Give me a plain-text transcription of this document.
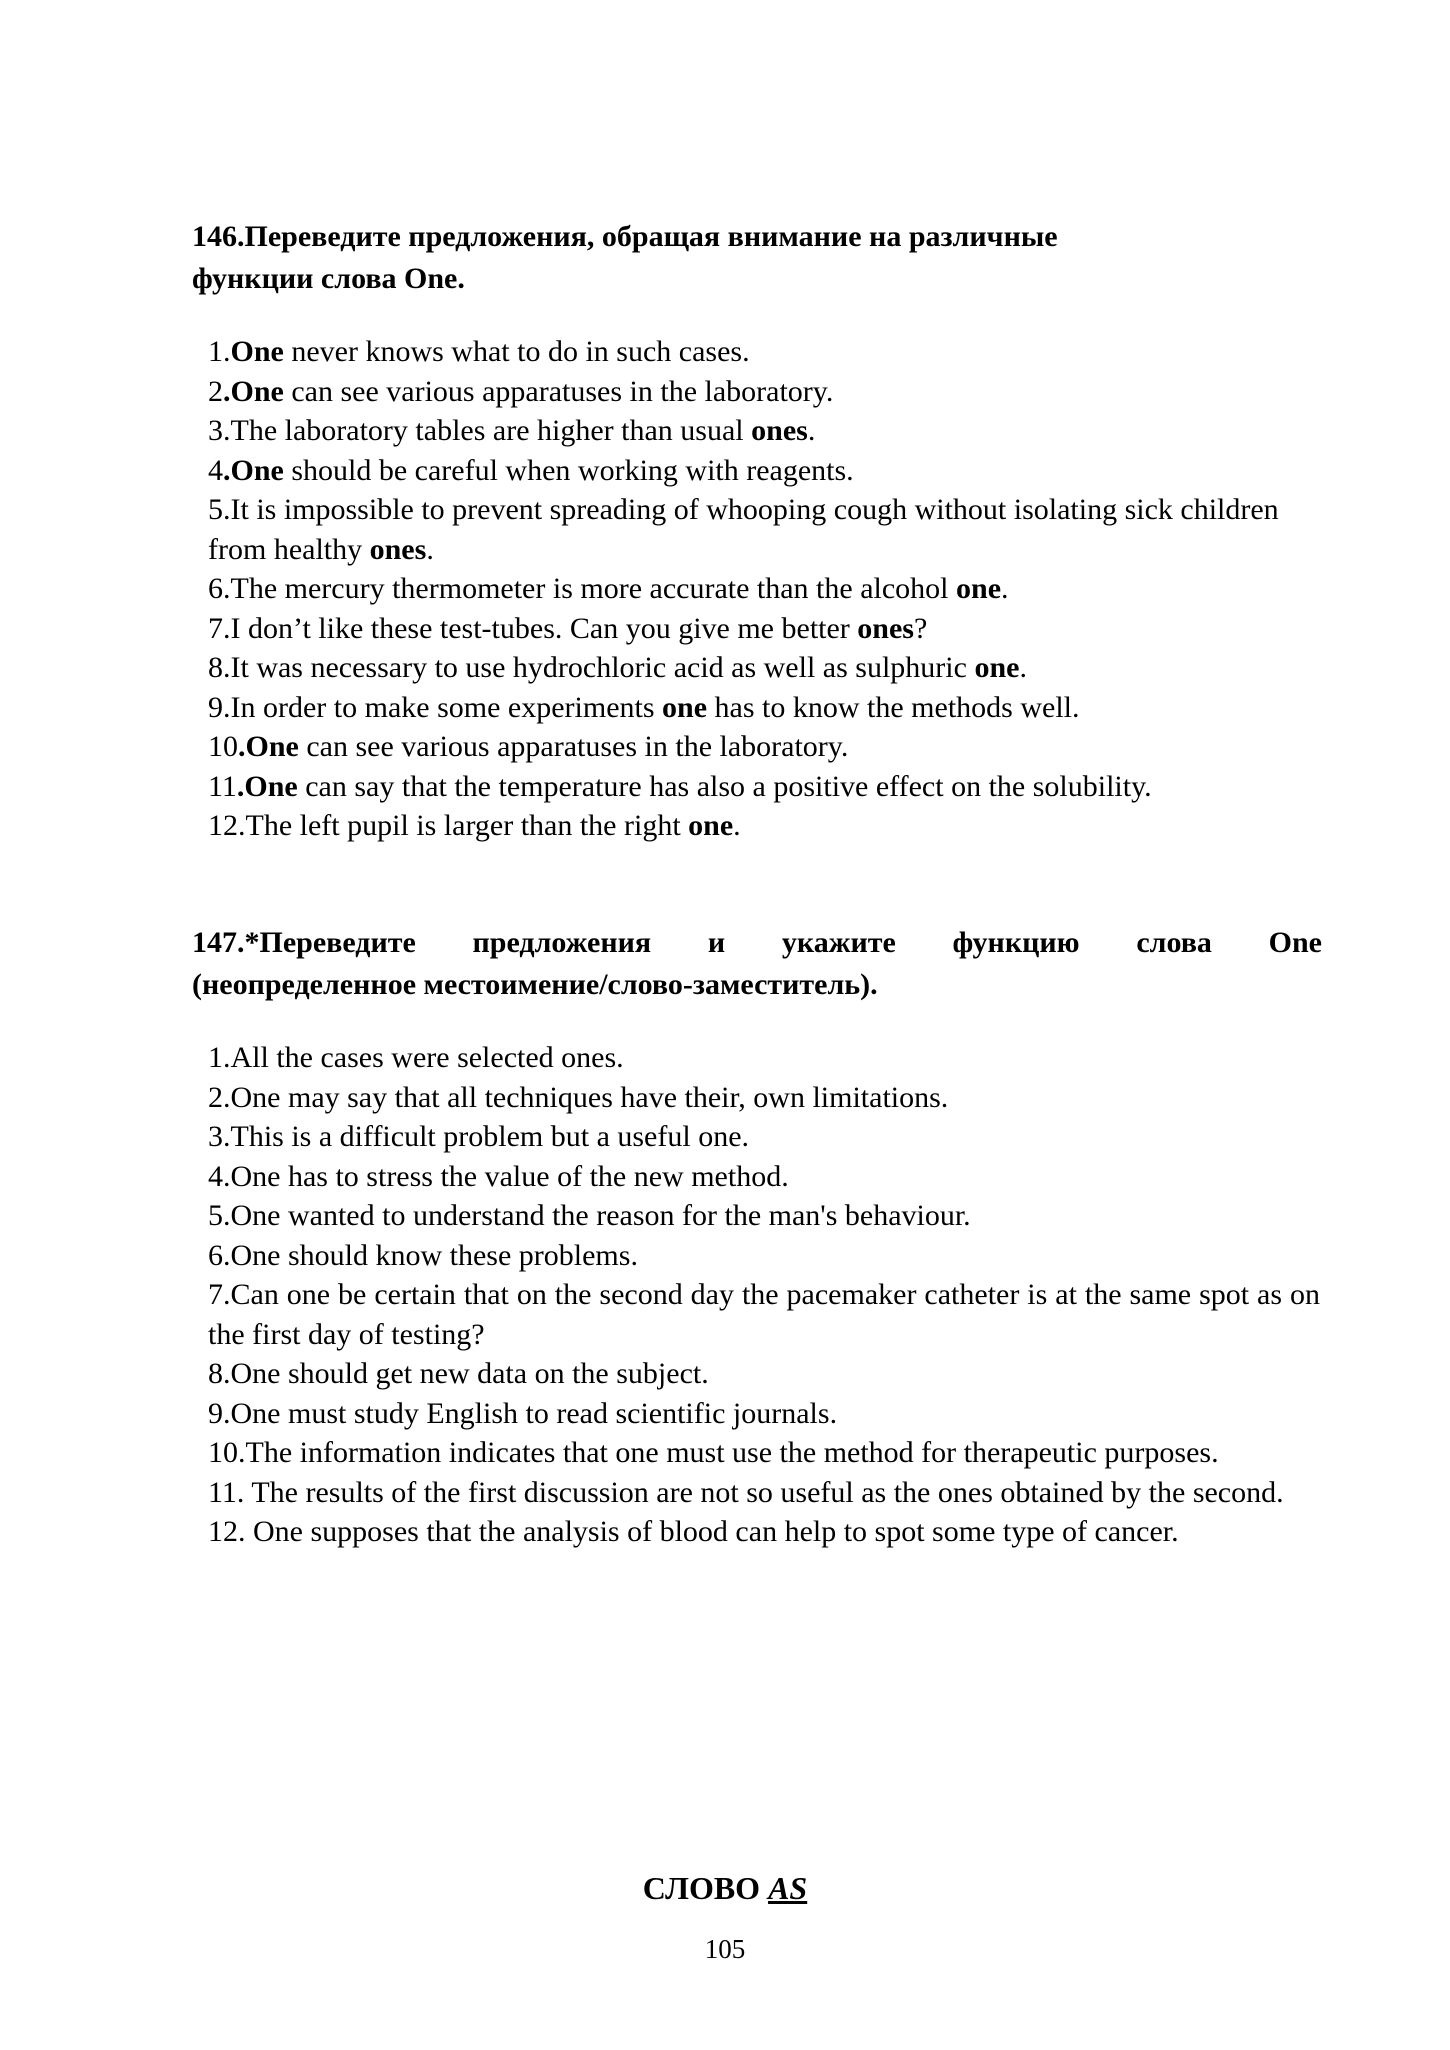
146.Переведите предложения, обращая внимание на различные

функции слова One.

1.One never knows what to do in such cases.

2.One can see various apparatuses in the laboratory.

3.The laboratory tables are higher than usual ones.

4.One should be careful when working with reagents.

5.It is impossible to prevent spreading of whooping cough without isolating sick children from healthy ones.

6.The mercury thermometer is more accurate than the alcohol one.

7.I don’t like these test-tubes. Can you give me better ones?

8.It was necessary to use hydrochloric acid as well as sulphuric one.

9.In order to make some experiments one has to know the methods well.

10.One can see various apparatuses in the laboratory.

11.One can say that the temperature has also a positive effect on the solubility.

12.The left pupil is larger than the right one.

147.*Переведите предложения и укажите функцию слова One

(неопределенное местоимение/слово-заместитель).

1.All the cases were selected ones.

2.One may say that all techniques have their, own limitations.

3.This is a difficult problem but a useful one.

4.One has to stress the value of the new method.

5.One wanted to understand the reason for the man's behaviour.

6.One should know these problems.

7.Can one be certain that on the second day the pacemaker catheter is at the same spot as on the first day of testing?

8.One should get new data on the subject.

9.One must study English to read scientific journals.

10.The information indicates that one must use the method for therapeutic purposes.

11. The results of the first discussion are not so useful as the ones obtained by the second.

12. One supposes that the analysis of blood can help to spot some type of cancer.

СЛОВО AS
105
